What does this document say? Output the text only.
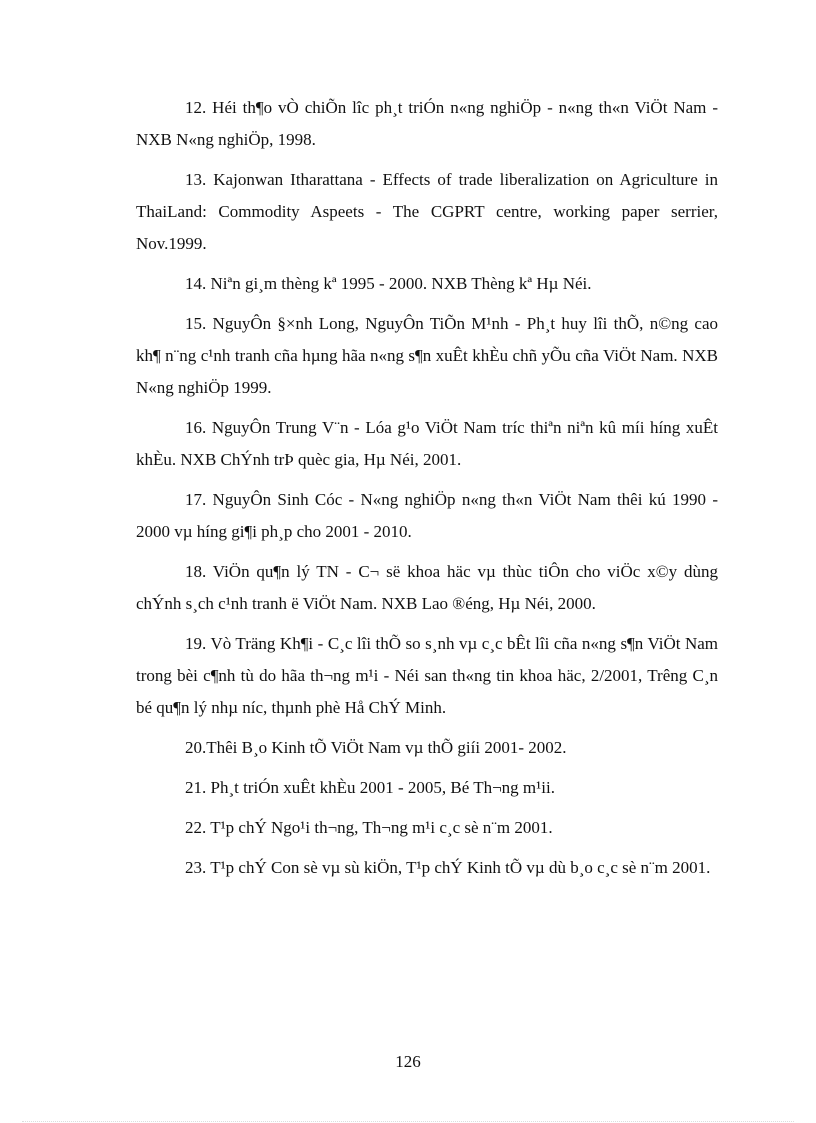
12. Héi th¶o vÒ chiÕn lîc ph¸t triÓn n«ng nghiÖp - n«ng th«n ViÖt Nam - NXB N«ng nghiÖp, 1998.

13. Kajonwan Itharattana - Effects of trade liberalization on Agriculture in ThaiLand: Commodity Aspeets - The CGPRT centre, working paper serrier, Nov.1999.

14. Niªn gi¸m thèng kª 1995 - 2000. NXB Thèng kª Hµ Néi.

15. NguyÔn §×nh Long, NguyÔn TiÕn M¹nh - Ph¸t huy lîi thÕ, n©ng cao kh¶ n¨ng c¹nh tranh cña hµng hãa n«ng s¶n xuÊt khÈu chñ yÕu cña ViÖt Nam. NXB N«ng nghiÖp 1999.

16. NguyÔn Trung V¨n - Lóa g¹o ViÖt Nam tríc thiªn niªn kû míi híng xuÊt khÈu. NXB ChÝnh trÞ quèc gia, Hµ Néi, 2001.

17. NguyÔn Sinh Cóc - N«ng nghiÖp n«ng th«n ViÖt Nam thêi kú 1990 - 2000 vµ híng gi¶i ph¸p cho 2001 - 2010.

18. ViÖn qu¶n lý TN - C¬ së khoa häc vµ thùc tiÔn cho viÖc x©y dùng chÝnh s¸ch c¹nh tranh ë ViÖt Nam. NXB Lao ®éng, Hµ Néi, 2000.

19. Vò Träng Kh¶i - C¸c lîi thÕ so s¸nh vµ c¸c bÊt lîi cña n«ng s¶n ViÖt Nam trong bèi c¶nh tù do hãa th¬ng m¹i - Néi san th«ng tin khoa häc, 2/2001, Trêng C¸n bé qu¶n lý nhµ níc, thµnh phè Hå ChÝ Minh.

20.Thêi B¸o Kinh tÕ ViÖt Nam vµ thÕ giíi 2001- 2002.

21. Ph¸t triÓn xuÊt khÈu 2001 - 2005, Bé Th¬ng m¹ii.

22. T¹p chÝ Ngo¹i th¬ng, Th¬ng m¹i c¸c sè n¨m 2001.

23. T¹p chÝ Con sè vµ sù kiÖn, T¹p chÝ Kinh tÕ vµ dù b¸o c¸c sè n¨m 2001.

126
